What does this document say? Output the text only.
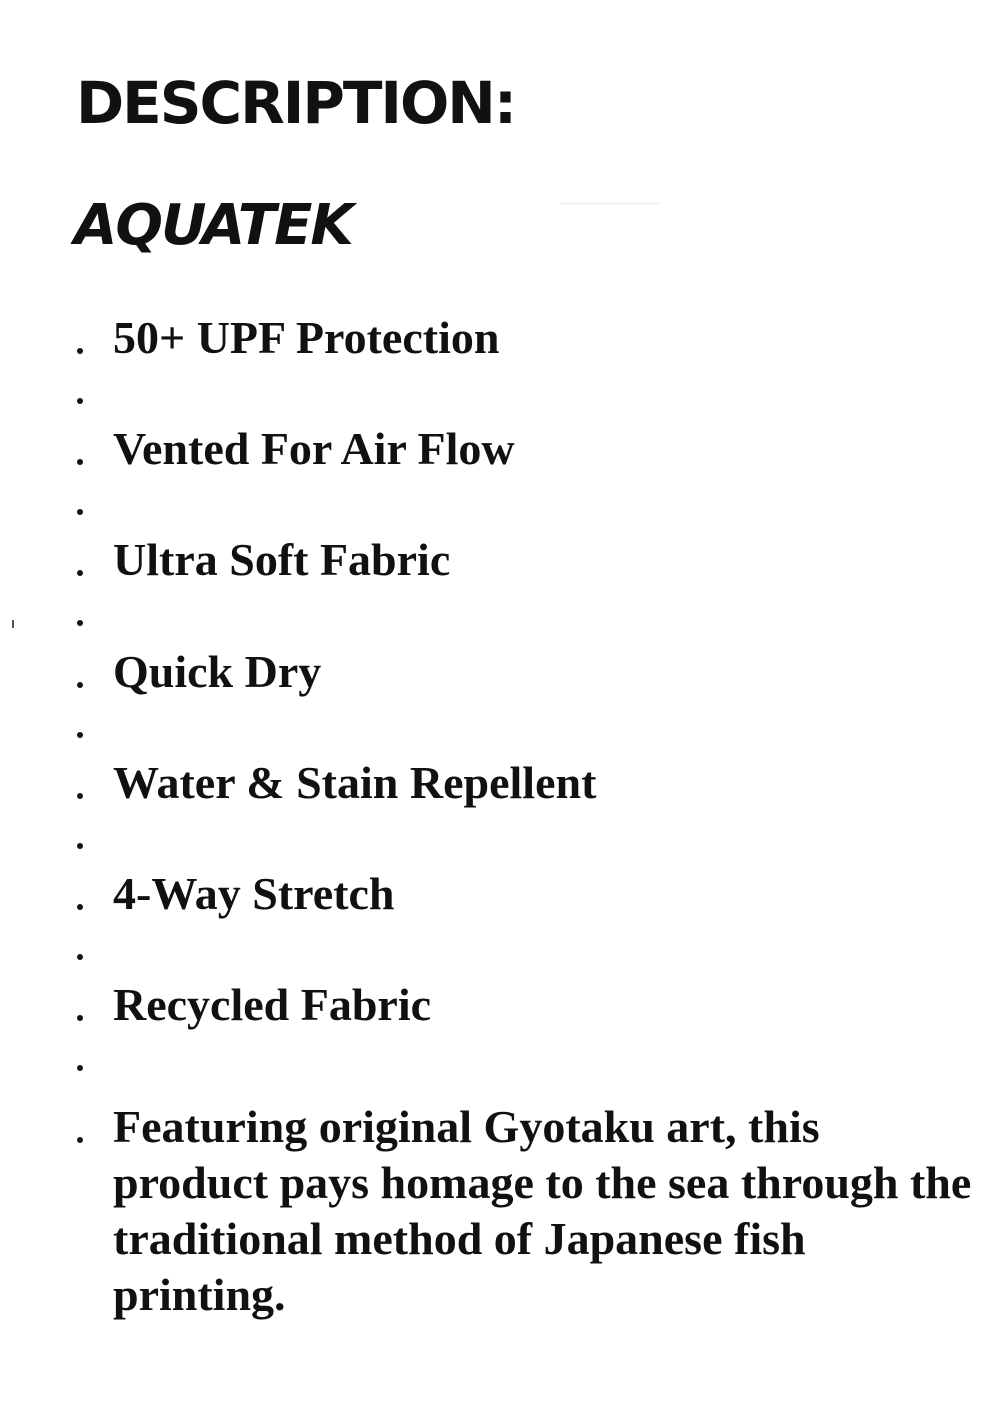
DESCRIPTION:
AQUATEK
50+ UPF Protection
Vented For Air Flow
Ultra Soft Fabric
Quick Dry
Water & Stain Repellent
4-Way Stretch
Recycled Fabric
Featuring original Gyotaku art, this product pays homage to the sea through the traditional method of Japanese fish printing.
